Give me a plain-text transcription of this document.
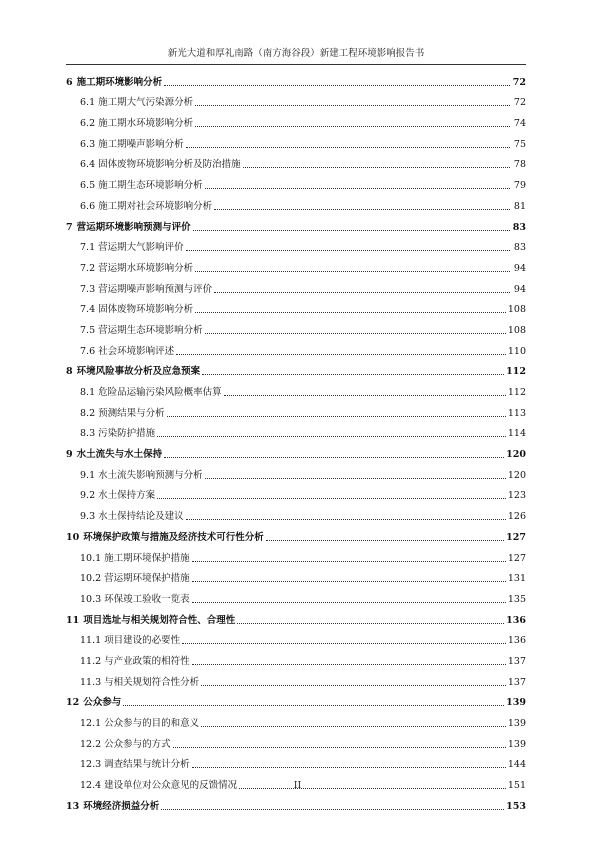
新光大道和厚礼南路（南方海谷段）新建工程环境影响报告书
6 施工期环境影响分析	72
6.1 施工期大气污染源分析	72
6.2 施工期水环境影响分析	74
6.3 施工期噪声影响分析	75
6.4 固体废物环境影响分析及防治措施	78
6.5 施工期生态环境影响分析	79
6.6 施工期对社会环境影响分析	81
7 营运期环境影响预测与评价	83
7.1 营运期大气影响评价	83
7.2 营运期水环境影响分析	94
7.3 营运期噪声影响预测与评价	94
7.4 固体废物环境影响分析	108
7.5 营运期生态环境影响分析	108
7.6 社会环境影响评述	110
8 环境风险事故分析及应急预案	112
8.1 危险品运输污染风险概率估算	112
8.2 预测结果与分析	113
8.3 污染防护措施	114
9 水土流失与水土保持	120
9.1 水土流失影响预测与分析	120
9.2 水土保持方案	123
9.3 水土保持结论及建议	126
10 环境保护政策与措施及经济技术可行性分析	127
10.1 施工期环境保护措施	127
10.2 营运期环境保护措施	131
10.3 环保竣工验收一览表	135
11 项目选址与相关规划符合性、合理性	136
11.1 项目建设的必要性	136
11.2 与产业政策的相符性	137
11.3 与相关规划符合性分析	137
12 公众参与	139
12.1 公众参与的目的和意义	139
12.2 公众参与的方式	139
12.3 调查结果与统计分析	144
12.4 建设单位对公众意见的反馈情况	151
13 环境经济损益分析	153
II
